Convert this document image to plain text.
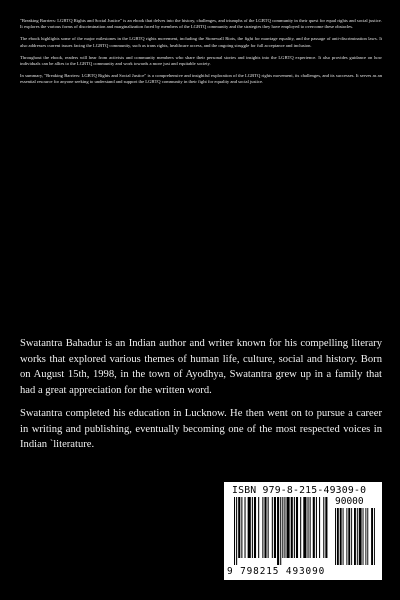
"Breaking Barriers: LGBTQ Rights and Social Justice" is an ebook that delves into the history, challenges, and triumphs of the LGBTQ community in their quest for equal rights and social justice. It explores the various forms of discrimination and marginalization faced by members of the LGBTQ community and the strategies they have employed to overcome these obstacles.

The ebook highlights some of the major milestones in the LGBTQ rights movement, including the Stonewall Riots, the fight for marriage equality, and the passage of anti-discrimination laws. It also addresses current issues facing the LGBTQ community, such as trans rights, healthcare access, and the ongoing struggle for full acceptance and inclusion.

Throughout the ebook, readers will hear from activists and community members who share their personal stories and insights into the LGBTQ experience. It also provides guidance on how individuals can be allies to the LGBTQ community and work towards a more just and equitable society.

In summary, "Breaking Barriers: LGBTQ Rights and Social Justice" is a comprehensive and insightful exploration of the LGBTQ rights movement, its challenges, and its successes. It serves as an essential resource for anyone seeking to understand and support the LGBTQ community in their fight for equality and social justice.

Swatantra Bahadur is an Indian author and writer known for his compelling literary works that explored various themes of human life, culture, social and history. Born on August 15th, 1998, in the town of Ayodhya, Swatantra grew up in a family that had a great appreciation for the written word.

Swatantra completed his education in Lucknow. He then went on to pursue a career in writing and publishing, eventually becoming one of the most respected voices in Indian `literature.

ISBN 979-8-215-49309-0
90000
9 798215 493090
